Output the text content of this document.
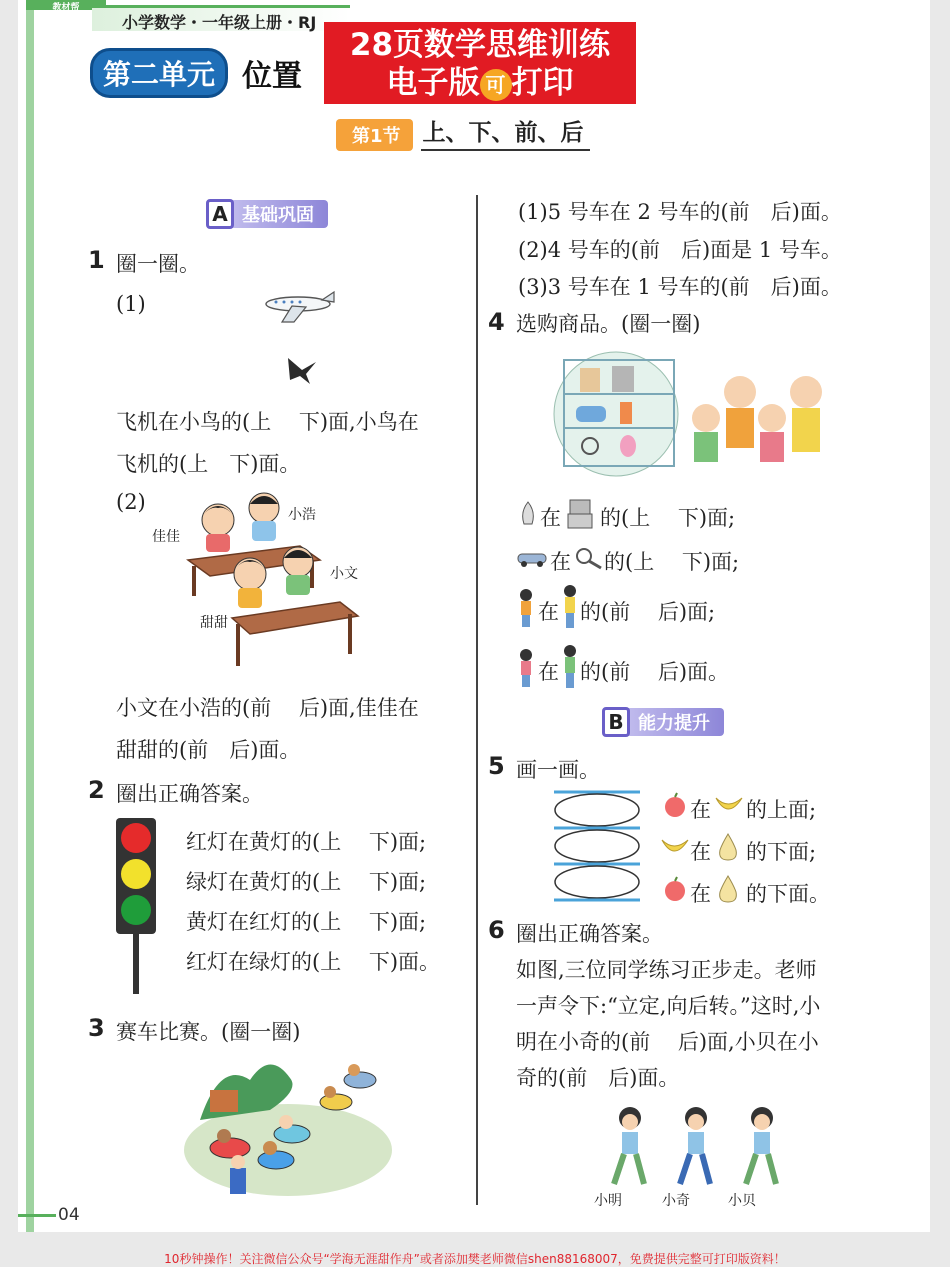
教材帮
小学数学・一年级上册・RJ
第二单元 位置
28页数学思维训练
电子版 可 打印
第1节 上、下、前、后
A 基础巩固
1 圈一圈。
(1)
飞机在小鸟的(上　 下)面,小鸟在
飞机的(上　下)面。
(2)
佳佳
小浩
小文
甜甜
小文在小浩的(前　 后)面,佳佳在
甜甜的(前　后)面。
2 圈出正确答案。
红灯在黄灯的(上　 下)面;
绿灯在黄灯的(上　 下)面;
黄灯在红灯的(上　 下)面;
红灯在绿灯的(上　 下)面。
3 赛车比赛。(圈一圈)
(1)5 号车在 2 号车的(前　后)面。
(2)4 号车的(前　后)面是 1 号车。
(3)3 号车在 1 号车的(前　后)面。
4 选购商品。(圈一圈)
在 的(上　 下)面;
在 的(上　 下)面;
在 的(前　 后)面;
在 的(前　 后)面。
B 能力提升
5 画一画。
在 的上面;
在 的下面;
在 的下面。
6 圈出正确答案。
如图,三位同学练习正步走。老师
一声令下:“立定,向后转。”这时,小
明在小奇的(前　 后)面,小贝在小
奇的(前　后)面。
小明	小奇	小贝
04
10秒钟操作！关注微信公众号“学海无涯甜作舟”或者添加樊老师微信shen88168007，免费提供完整可打印版资料！
